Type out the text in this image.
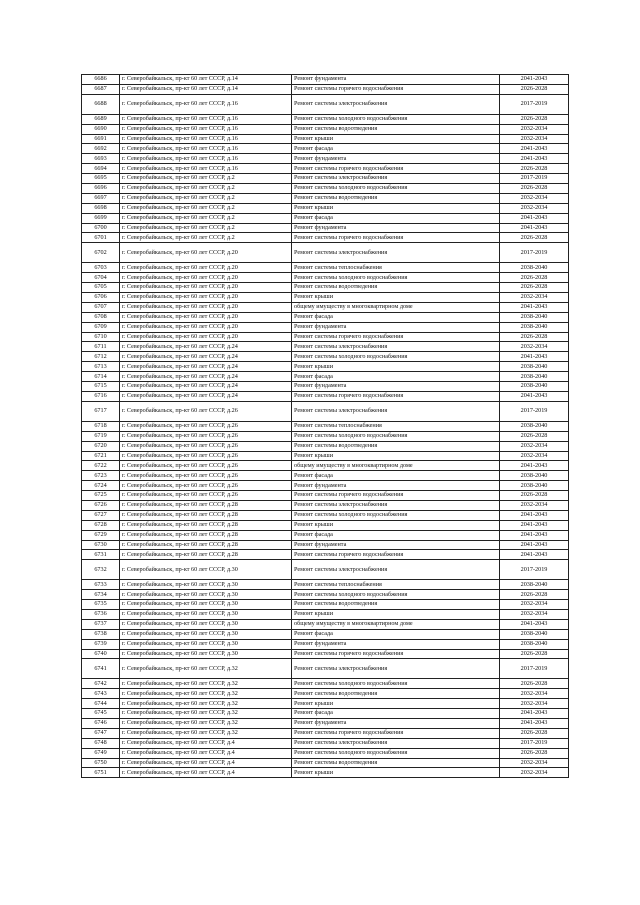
6686	г. Северобайкальск, пр-кт 60 лет СССР, д.14	Ремонт фундамента	2041-2043
6687	г. Северобайкальск, пр-кт 60 лет СССР, д.14	Ремонт системы горячего водоснабжения	2026-2028
6688	г. Северобайкальск, пр-кт 60 лет СССР, д.16	Ремонт системы электроснабжения	2017-2019
6689	г. Северобайкальск, пр-кт 60 лет СССР, д.16	Ремонт системы холодного водоснабжения	2026-2028
6690	г. Северобайкальск, пр-кт 60 лет СССР, д.16	Ремонт системы водоотведения	2032-2034
6691	г. Северобайкальск, пр-кт 60 лет СССР, д.16	Ремонт крыши	2032-2034
6692	г. Северобайкальск, пр-кт 60 лет СССР, д.16	Ремонт фасада	2041-2043
6693	г. Северобайкальск, пр-кт 60 лет СССР, д.16	Ремонт фундамента	2041-2043
6694	г. Северобайкальск, пр-кт 60 лет СССР, д.16	Ремонт системы горячего водоснабжения	2026-2028
6695	г. Северобайкальск, пр-кт 60 лет СССР, д.2	Ремонт системы электроснабжения	2017-2019
6696	г. Северобайкальск, пр-кт 60 лет СССР, д.2	Ремонт системы холодного водоснабжения	2026-2028
6697	г. Северобайкальск, пр-кт 60 лет СССР, д.2	Ремонт системы водоотведения	2032-2034
6698	г. Северобайкальск, пр-кт 60 лет СССР, д.2	Ремонт крыши	2032-2034
6699	г. Северобайкальск, пр-кт 60 лет СССР, д.2	Ремонт фасада	2041-2043
6700	г. Северобайкальск, пр-кт 60 лет СССР, д.2	Ремонт фундамента	2041-2043
6701	г. Северобайкальск, пр-кт 60 лет СССР, д.2	Ремонт системы горячего водоснабжения	2026-2028
6702	г. Северобайкальск, пр-кт 60 лет СССР, д.20	Ремонт системы электроснабжения	2017-2019
6703	г. Северобайкальск, пр-кт 60 лет СССР, д.20	Ремонт системы теплоснабжения	2038-2040
6704	г. Северобайкальск, пр-кт 60 лет СССР, д.20	Ремонт системы холодного водоснабжения	2026-2028
6705	г. Северобайкальск, пр-кт 60 лет СССР, д.20	Ремонт системы водоотведения	2026-2028
6706	г. Северобайкальск, пр-кт 60 лет СССР, д.20	Ремонт крыши	2032-2034
6707	г. Северобайкальск, пр-кт 60 лет СССР, д.20	общему имуществу в многоквартирном доме	2041-2043
6708	г. Северобайкальск, пр-кт 60 лет СССР, д.20	Ремонт фасада	2038-2040
6709	г. Северобайкальск, пр-кт 60 лет СССР, д.20	Ремонт фундамента	2038-2040
6710	г. Северобайкальск, пр-кт 60 лет СССР, д.20	Ремонт системы горячего водоснабжения	2026-2028
6711	г. Северобайкальск, пр-кт 60 лет СССР, д.24	Ремонт системы электроснабжения	2032-2034
6712	г. Северобайкальск, пр-кт 60 лет СССР, д.24	Ремонт системы холодного водоснабжения	2041-2043
6713	г. Северобайкальск, пр-кт 60 лет СССР, д.24	Ремонт крыши	2038-2040
6714	г. Северобайкальск, пр-кт 60 лет СССР, д.24	Ремонт фасада	2038-2040
6715	г. Северобайкальск, пр-кт 60 лет СССР, д.24	Ремонт фундамента	2038-2040
6716	г. Северобайкальск, пр-кт 60 лет СССР, д.24	Ремонт системы горячего водоснабжения	2041-2043
6717	г. Северобайкальск, пр-кт 60 лет СССР, д.26	Ремонт системы электроснабжения	2017-2019
6718	г. Северобайкальск, пр-кт 60 лет СССР, д.26	Ремонт системы теплоснабжения	2038-2040
6719	г. Северобайкальск, пр-кт 60 лет СССР, д.26	Ремонт системы холодного водоснабжения	2026-2028
6720	г. Северобайкальск, пр-кт 60 лет СССР, д.26	Ремонт системы водоотведения	2032-2034
6721	г. Северобайкальск, пр-кт 60 лет СССР, д.26	Ремонт крыши	2032-2034
6722	г. Северобайкальск, пр-кт 60 лет СССР, д.26	общему имуществу в многоквартирном доме	2041-2043
6723	г. Северобайкальск, пр-кт 60 лет СССР, д.26	Ремонт фасада	2038-2040
6724	г. Северобайкальск, пр-кт 60 лет СССР, д.26	Ремонт фундамента	2038-2040
6725	г. Северобайкальск, пр-кт 60 лет СССР, д.26	Ремонт системы горячего водоснабжения	2026-2028
6726	г. Северобайкальск, пр-кт 60 лет СССР, д.28	Ремонт системы электроснабжения	2032-2034
6727	г. Северобайкальск, пр-кт 60 лет СССР, д.28	Ремонт системы холодного водоснабжения	2041-2043
6728	г. Северобайкальск, пр-кт 60 лет СССР, д.28	Ремонт крыши	2041-2043
6729	г. Северобайкальск, пр-кт 60 лет СССР, д.28	Ремонт фасада	2041-2043
6730	г. Северобайкальск, пр-кт 60 лет СССР, д.28	Ремонт фундамента	2041-2043
6731	г. Северобайкальск, пр-кт 60 лет СССР, д.28	Ремонт системы горячего водоснабжения	2041-2043
6732	г. Северобайкальск, пр-кт 60 лет СССР, д.30	Ремонт системы электроснабжения	2017-2019
6733	г. Северобайкальск, пр-кт 60 лет СССР, д.30	Ремонт системы теплоснабжения	2038-2040
6734	г. Северобайкальск, пр-кт 60 лет СССР, д.30	Ремонт системы холодного водоснабжения	2026-2028
6735	г. Северобайкальск, пр-кт 60 лет СССР, д.30	Ремонт системы водоотведения	2032-2034
6736	г. Северобайкальск, пр-кт 60 лет СССР, д.30	Ремонт крыши	2032-2034
6737	г. Северобайкальск, пр-кт 60 лет СССР, д.30	общему имуществу в многоквартирном доме	2041-2043
6738	г. Северобайкальск, пр-кт 60 лет СССР, д.30	Ремонт фасада	2038-2040
6739	г. Северобайкальск, пр-кт 60 лет СССР, д.30	Ремонт фундамента	2038-2040
6740	г. Северобайкальск, пр-кт 60 лет СССР, д.30	Ремонт системы горячего водоснабжения	2026-2028
6741	г. Северобайкальск, пр-кт 60 лет СССР, д.32	Ремонт системы электроснабжения	2017-2019
6742	г. Северобайкальск, пр-кт 60 лет СССР, д.32	Ремонт системы холодного водоснабжения	2026-2028
6743	г. Северобайкальск, пр-кт 60 лет СССР, д.32	Ремонт системы водоотведения	2032-2034
6744	г. Северобайкальск, пр-кт 60 лет СССР, д.32	Ремонт крыши	2032-2034
6745	г. Северобайкальск, пр-кт 60 лет СССР, д.32	Ремонт фасада	2041-2043
6746	г. Северобайкальск, пр-кт 60 лет СССР, д.32	Ремонт фундамента	2041-2043
6747	г. Северобайкальск, пр-кт 60 лет СССР, д.32	Ремонт системы горячего водоснабжения	2026-2028
6748	г. Северобайкальск, пр-кт 60 лет СССР, д.4	Ремонт системы электроснабжения	2017-2019
6749	г. Северобайкальск, пр-кт 60 лет СССР, д.4	Ремонт системы холодного водоснабжения	2026-2028
6750	г. Северобайкальск, пр-кт 60 лет СССР, д.4	Ремонт системы водоотведения	2032-2034
6751	г. Северобайкальск, пр-кт 60 лет СССР, д.4	Ремонт крыши	2032-2034
